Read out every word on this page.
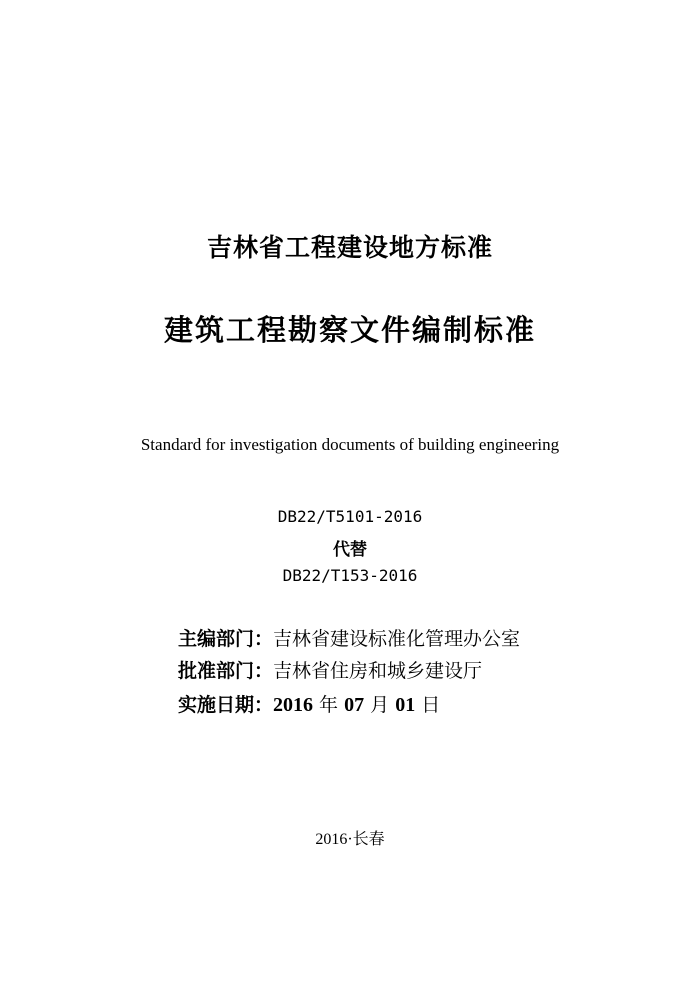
吉林省工程建设地方标准
建筑工程勘察文件编制标准
Standard for investigation documents of building engineering
DB22/T5101-2016
代替
DB22/T153-2016
主编部门：吉林省建设标准化管理办公室
批准部门：吉林省住房和城乡建设厅
实施日期：2016 年 07 月 01 日
2016·长春
